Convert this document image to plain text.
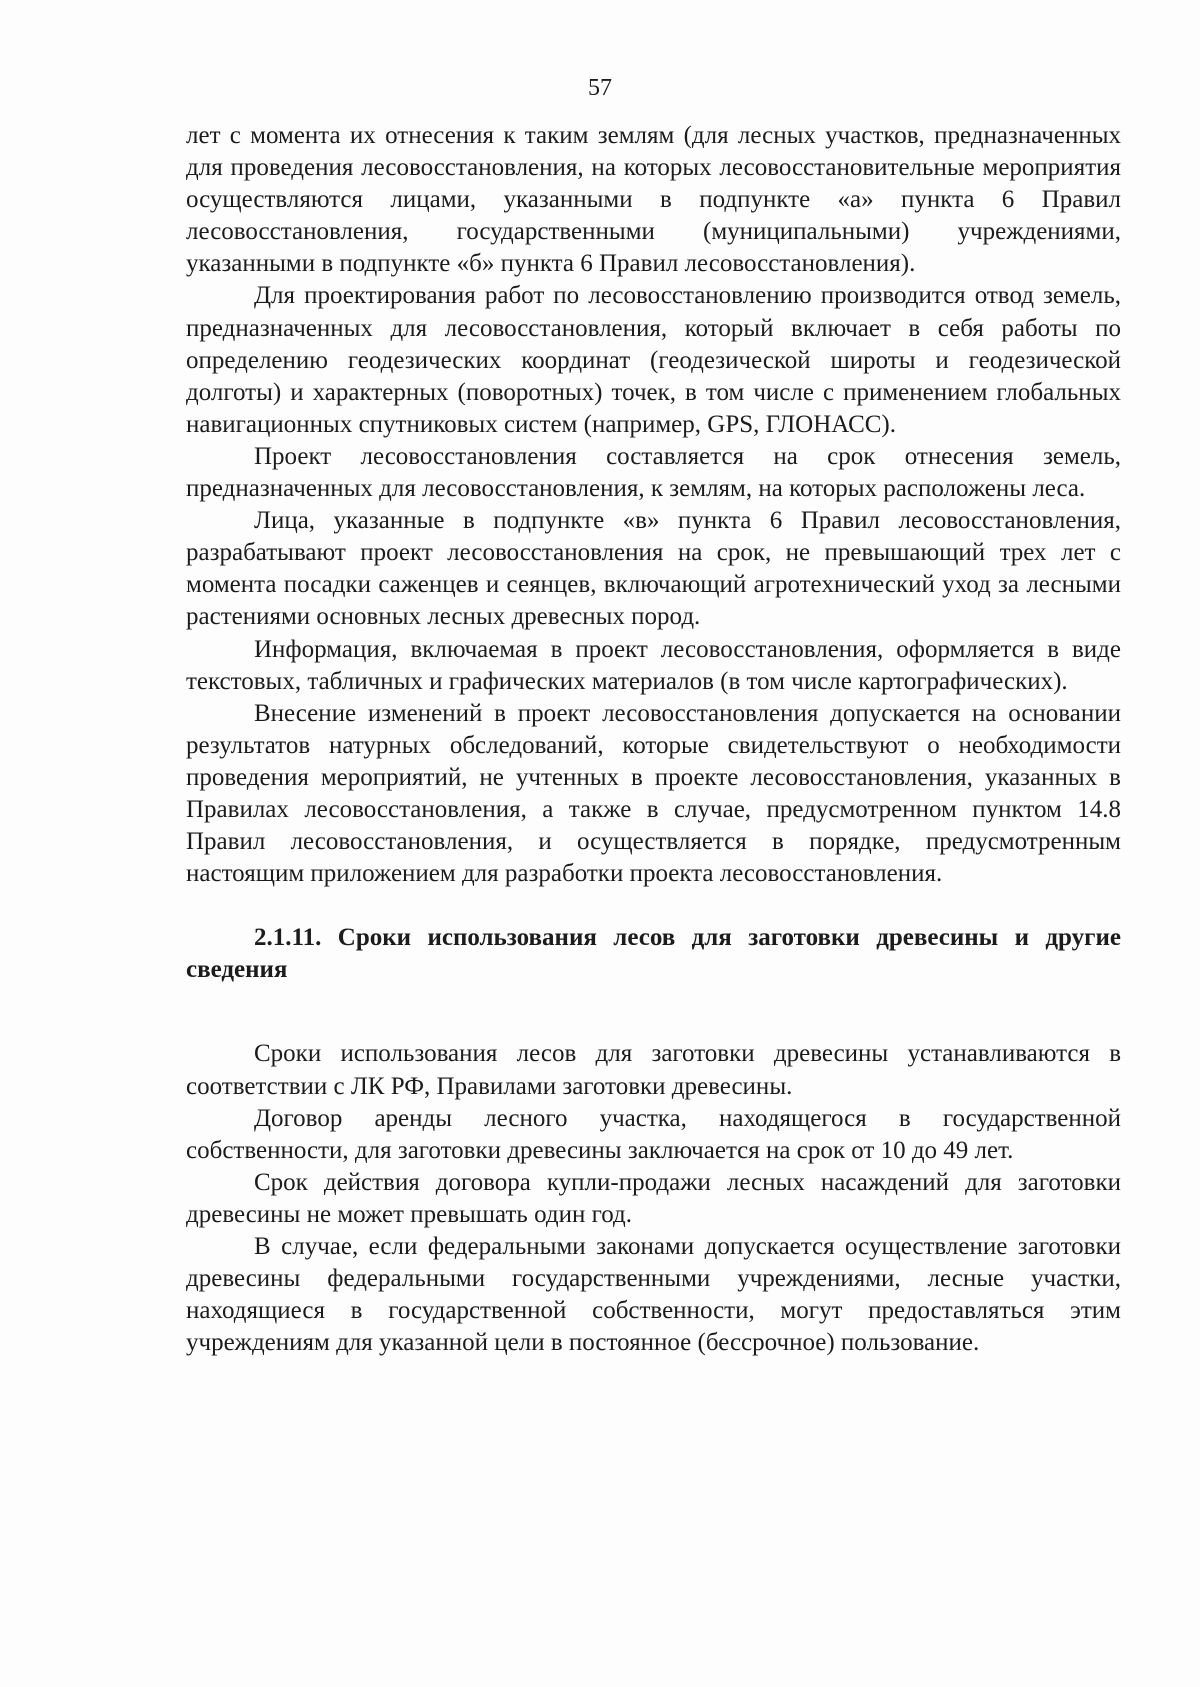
57

лет с момента их отнесения к таким землям (для лесных участков, предназначенных для проведения лесовосстановления, на которых лесовосстановительные мероприятия осуществляются лицами, указанными в подпункте «а» пункта 6 Правил лесовосстановления, государственными (муниципальными) учреждениями, указанными в подпункте «б» пункта 6 Правил лесовосстановления).

Для проектирования работ по лесовосстановлению производится отвод земель, предназначенных для лесовосстановления, который включает в себя работы по определению геодезических координат (геодезической широты и геодезической долготы) и характерных (поворотных) точек, в том числе с применением глобальных навигационных спутниковых систем (например, GPS, ГЛОНАСС).

Проект лесовосстановления составляется на срок отнесения земель, предназначенных для лесовосстановления, к землям, на которых расположены леса.

Лица, указанные в подпункте «в» пункта 6 Правил лесовосстановления, разрабатывают проект лесовосстановления на срок, не превышающий трех лет с момента посадки саженцев и сеянцев, включающий агротехнический уход за лесными растениями основных лесных древесных пород.

Информация, включаемая в проект лесовосстановления, оформляется в виде текстовых, табличных и графических материалов (в том числе картографических).

Внесение изменений в проект лесовосстановления допускается на основании результатов натурных обследований, которые свидетельствуют о необходимости проведения мероприятий, не учтенных в проекте лесовосстановления, указанных в Правилах лесовосстановления, а также в случае, предусмотренном пунктом 14.8 Правил лесовосстановления, и осуществляется в порядке, предусмотренным настоящим приложением для разработки проекта лесовосстановления.

2.1.11. Сроки использования лесов для заготовки древесины и другие сведения

Сроки использования лесов для заготовки древесины устанавливаются в соответствии с ЛК РФ, Правилами заготовки древесины.

Договор аренды лесного участка, находящегося в государственной собственности, для заготовки древесины заключается на срок от 10 до 49 лет.

Срок действия договора купли-продажи лесных насаждений для заготовки древесины не может превышать один год.

В случае, если федеральными законами допускается осуществление заготовки древесины федеральными государственными учреждениями, лесные участки, находящиеся в государственной собственности, могут предоставляться этим учреждениям для указанной цели в постоянное (бессрочное) пользование.
